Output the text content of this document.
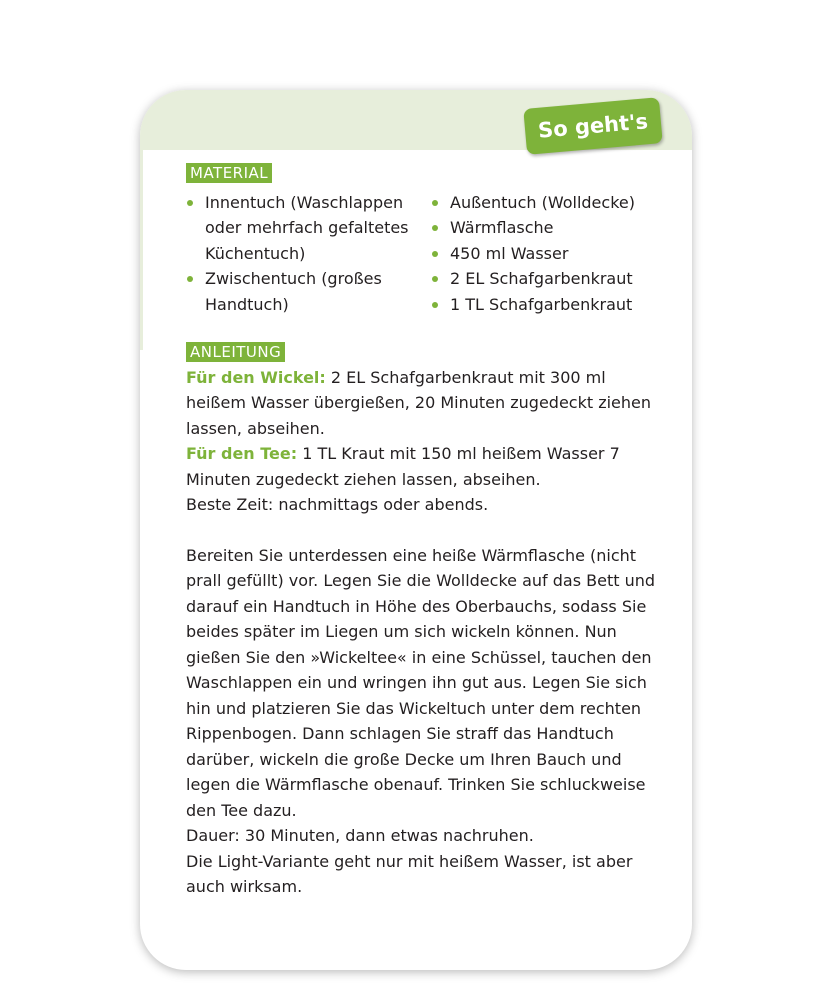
So geht's
MATERIAL
Innentuch (Waschlappen oder mehrfach gefaltetes Küchentuch)
Zwischentuch (großes Handtuch)
Außentuch (Wolldecke)
Wärmflasche
450 ml Wasser
2 EL Schafgarbenkraut
1 TL Schafgarbenkraut
ANLEITUNG

Für den Wickel: 2 EL Schafgarbenkraut mit 300 ml heißem Wasser übergießen, 20 Minuten zugedeckt ziehen lassen, abseihen.

Für den Tee: 1 TL Kraut mit 150 ml heißem Wasser 7 Minuten zugedeckt ziehen lassen, abseihen.

Beste Zeit: nachmittags oder abends.

Bereiten Sie unterdessen eine heiße Wärmflasche (nicht prall gefüllt) vor. Legen Sie die Wolldecke auf das Bett und darauf ein Handtuch in Höhe des Oberbauchs, sodass Sie beides später im Liegen um sich wickeln können. Nun gießen Sie den »Wickeltee« in eine Schüssel, tauchen den Waschlappen ein und wringen ihn gut aus. Legen Sie sich hin und platzieren Sie das Wickeltuch unter dem rechten Rippenbogen. Dann schlagen Sie straff das Handtuch darüber, wickeln die große Decke um Ihren Bauch und legen die Wärmflasche obenauf. Trinken Sie schluckweise den Tee dazu.

Dauer: 30 Minuten, dann etwas nachruhen.

Die Light-Variante geht nur mit heißem Wasser, ist aber auch wirksam.
